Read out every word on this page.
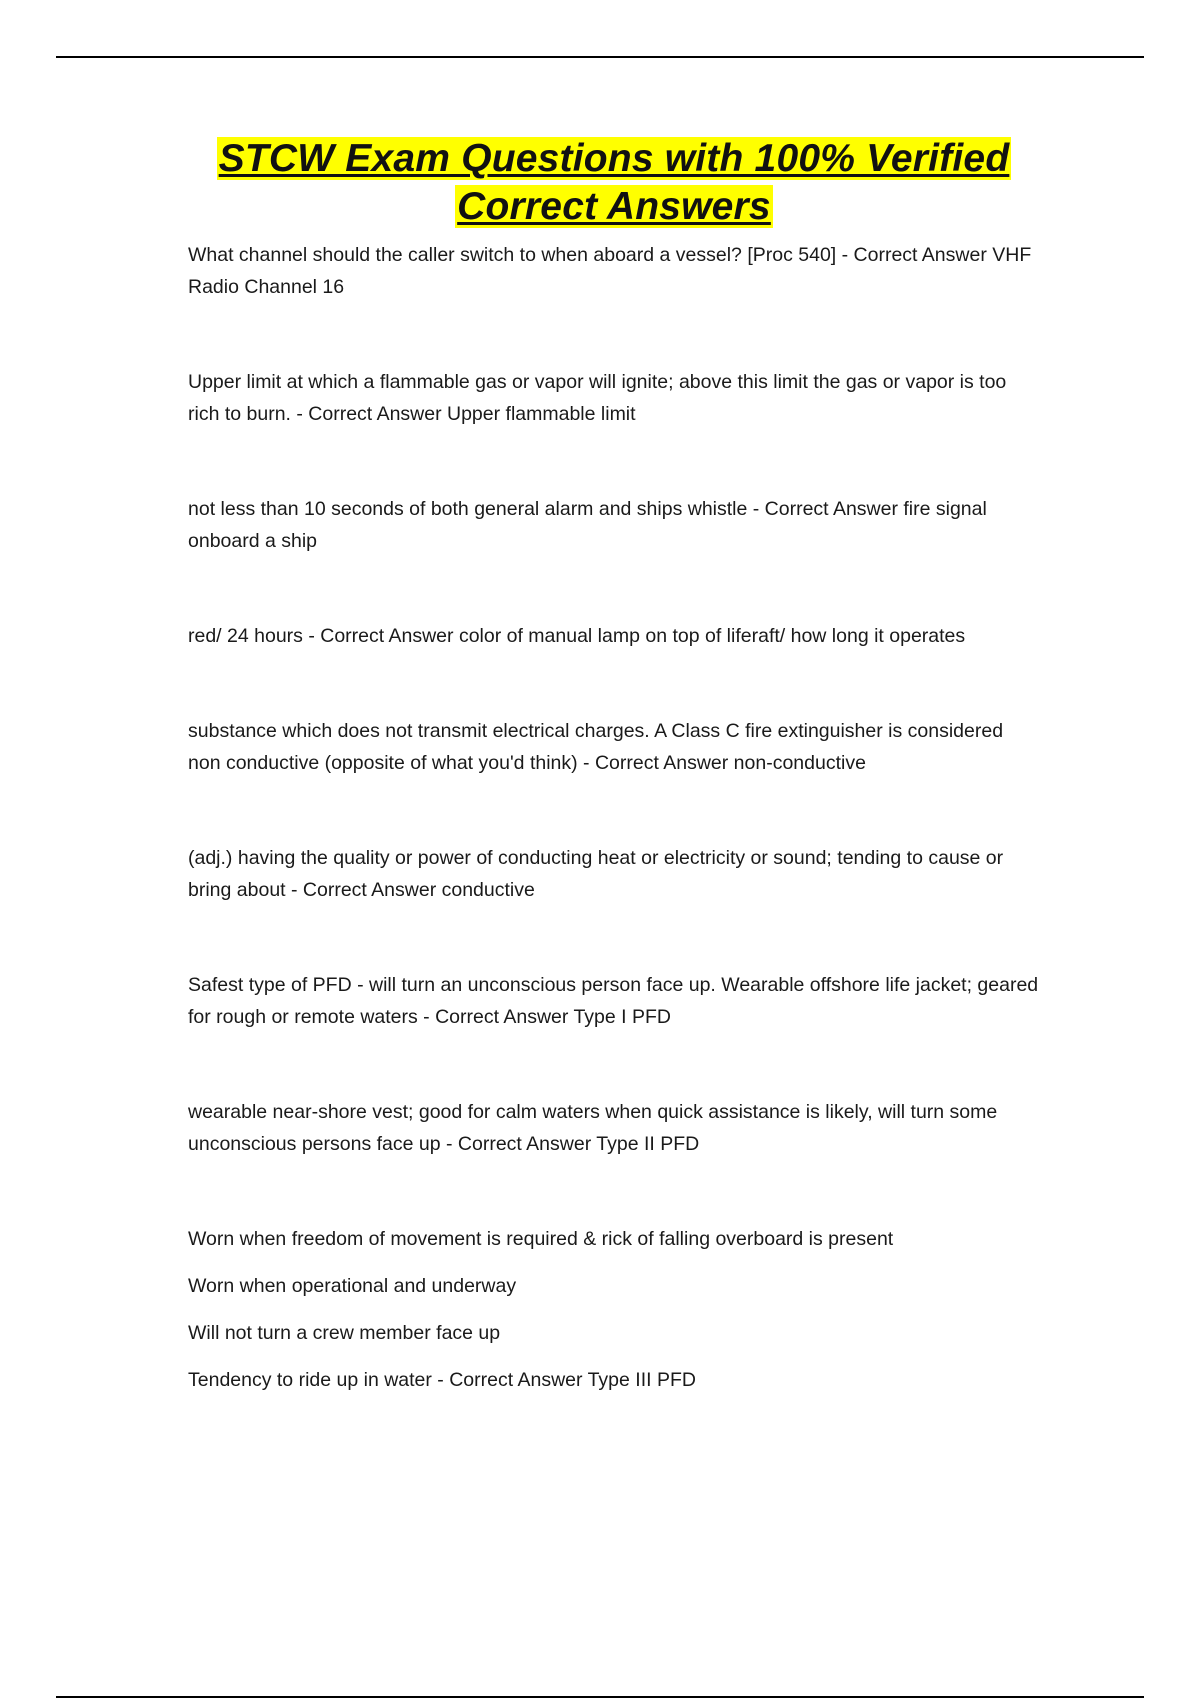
STCW Exam Questions with 100% Verified Correct Answers

What channel should the caller switch to when aboard a vessel? [Proc 540] - Correct Answer VHF Radio Channel 16

Upper limit at which a flammable gas or vapor will ignite; above this limit the gas or vapor is too rich to burn. - Correct Answer Upper flammable limit

not less than 10 seconds of both general alarm and ships whistle - Correct Answer fire signal onboard a ship

red/ 24 hours - Correct Answer color of manual lamp on top of liferaft/ how long it operates

substance which does not transmit electrical charges. A Class C fire extinguisher is considered non conductive (opposite of what you'd think) - Correct Answer non-conductive

(adj.) having the quality or power of conducting heat or electricity or sound; tending to cause or bring about - Correct Answer conductive

Safest type of PFD - will turn an unconscious person face up. Wearable offshore life jacket; geared for rough or remote waters - Correct Answer Type I PFD

wearable near-shore vest; good for calm waters when quick assistance is likely, will turn some unconscious persons face up - Correct Answer Type II PFD

Worn when freedom of movement is required & rick of falling overboard is present

Worn when operational and underway

Will not turn a crew member face up

Tendency to ride up in water - Correct Answer Type III PFD
